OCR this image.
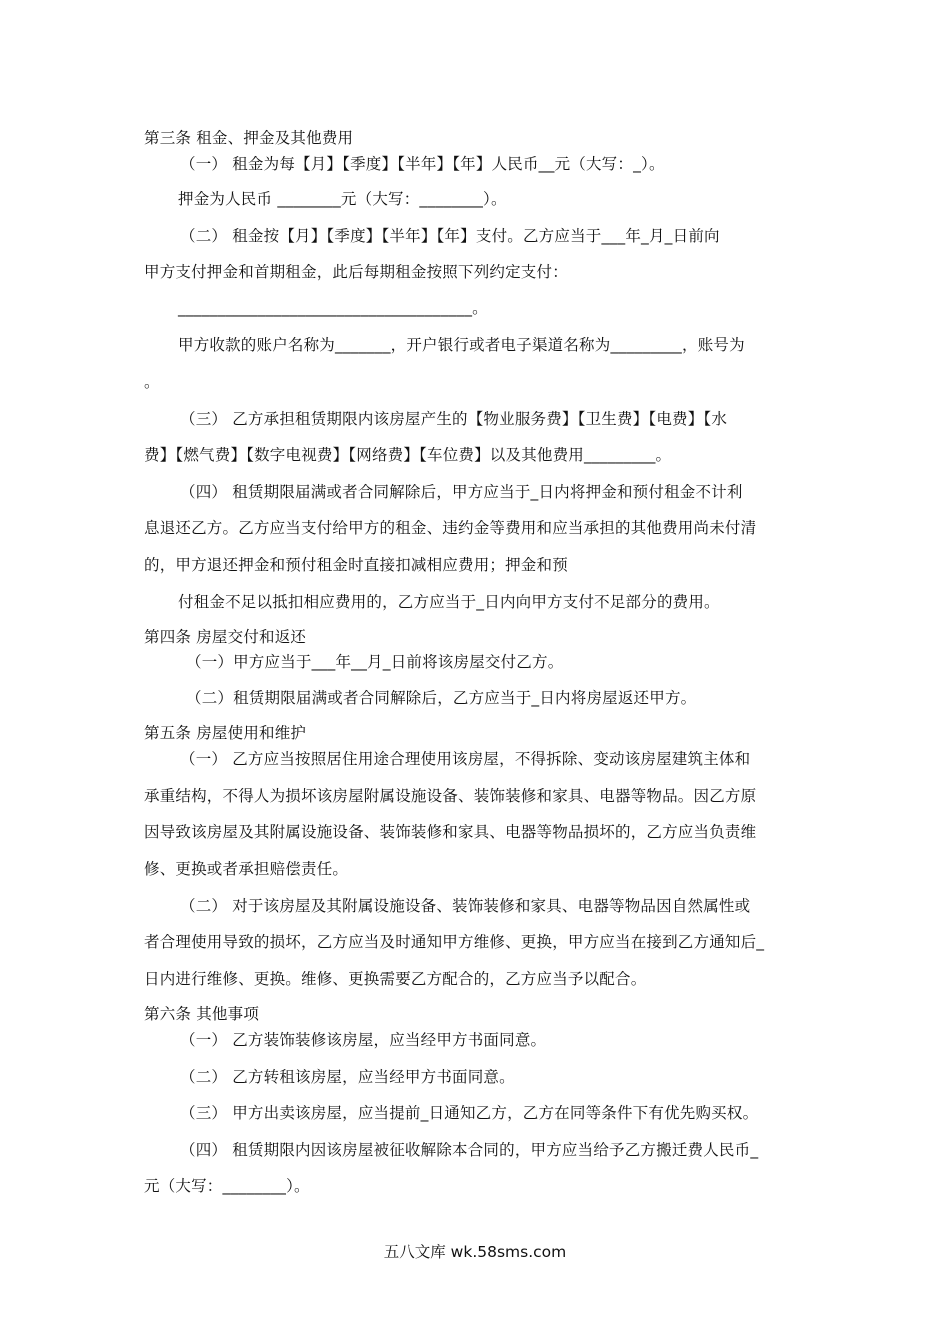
第三条 租金、押金及其他费用
（一） 租金为每【月】【季度】【半年】【年】人民币__元（大写：_）。
押金为人民币 ________元（大写：________）。
（二） 租金按【月】【季度】【半年】【年】支付。乙方应当于___年_月_日前向
甲方支付押金和首期租金，此后每期租金按照下列约定支付：
_____________________________________。
甲方收款的账户名称为_______，开户银行或者电子渠道名称为_________，账号为
。
（三） 乙方承担租赁期限内该房屋产生的【物业服务费】【卫生费】【电费】【水
费】【燃气费】【数字电视费】【网络费】【车位费】以及其他费用_________。
（四） 租赁期限届满或者合同解除后，甲方应当于_日内将押金和预付租金不计利
息退还乙方。乙方应当支付给甲方的租金、违约金等费用和应当承担的其他费用尚未付清
的，甲方退还押金和预付租金时直接扣减相应费用；押金和预
付租金不足以抵扣相应费用的，乙方应当于_日内向甲方支付不足部分的费用。
第四条 房屋交付和返还
（一）甲方应当于___年__月_日前将该房屋交付乙方。
（二）租赁期限届满或者合同解除后，乙方应当于_日内将房屋返还甲方。
第五条 房屋使用和维护
（一） 乙方应当按照居住用途合理使用该房屋，不得拆除、变动该房屋建筑主体和
承重结构，不得人为损坏该房屋附属设施设备、装饰装修和家具、电器等物品。因乙方原
因导致该房屋及其附属设施设备、装饰装修和家具、电器等物品损坏的，乙方应当负责维
修、更换或者承担赔偿责任。
（二） 对于该房屋及其附属设施设备、装饰装修和家具、电器等物品因自然属性或
者合理使用导致的损坏，乙方应当及时通知甲方维修、更换，甲方应当在接到乙方通知后_
日内进行维修、更换。维修、更换需要乙方配合的，乙方应当予以配合。
第六条 其他事项
（一） 乙方装饰装修该房屋，应当经甲方书面同意。
（二） 乙方转租该房屋，应当经甲方书面同意。
（三） 甲方出卖该房屋，应当提前_日通知乙方，乙方在同等条件下有优先购买权。
（四） 租赁期限内因该房屋被征收解除本合同的，甲方应当给予乙方搬迁费人民币_
元（大写：________）。
五八文库 wk.58sms.com
